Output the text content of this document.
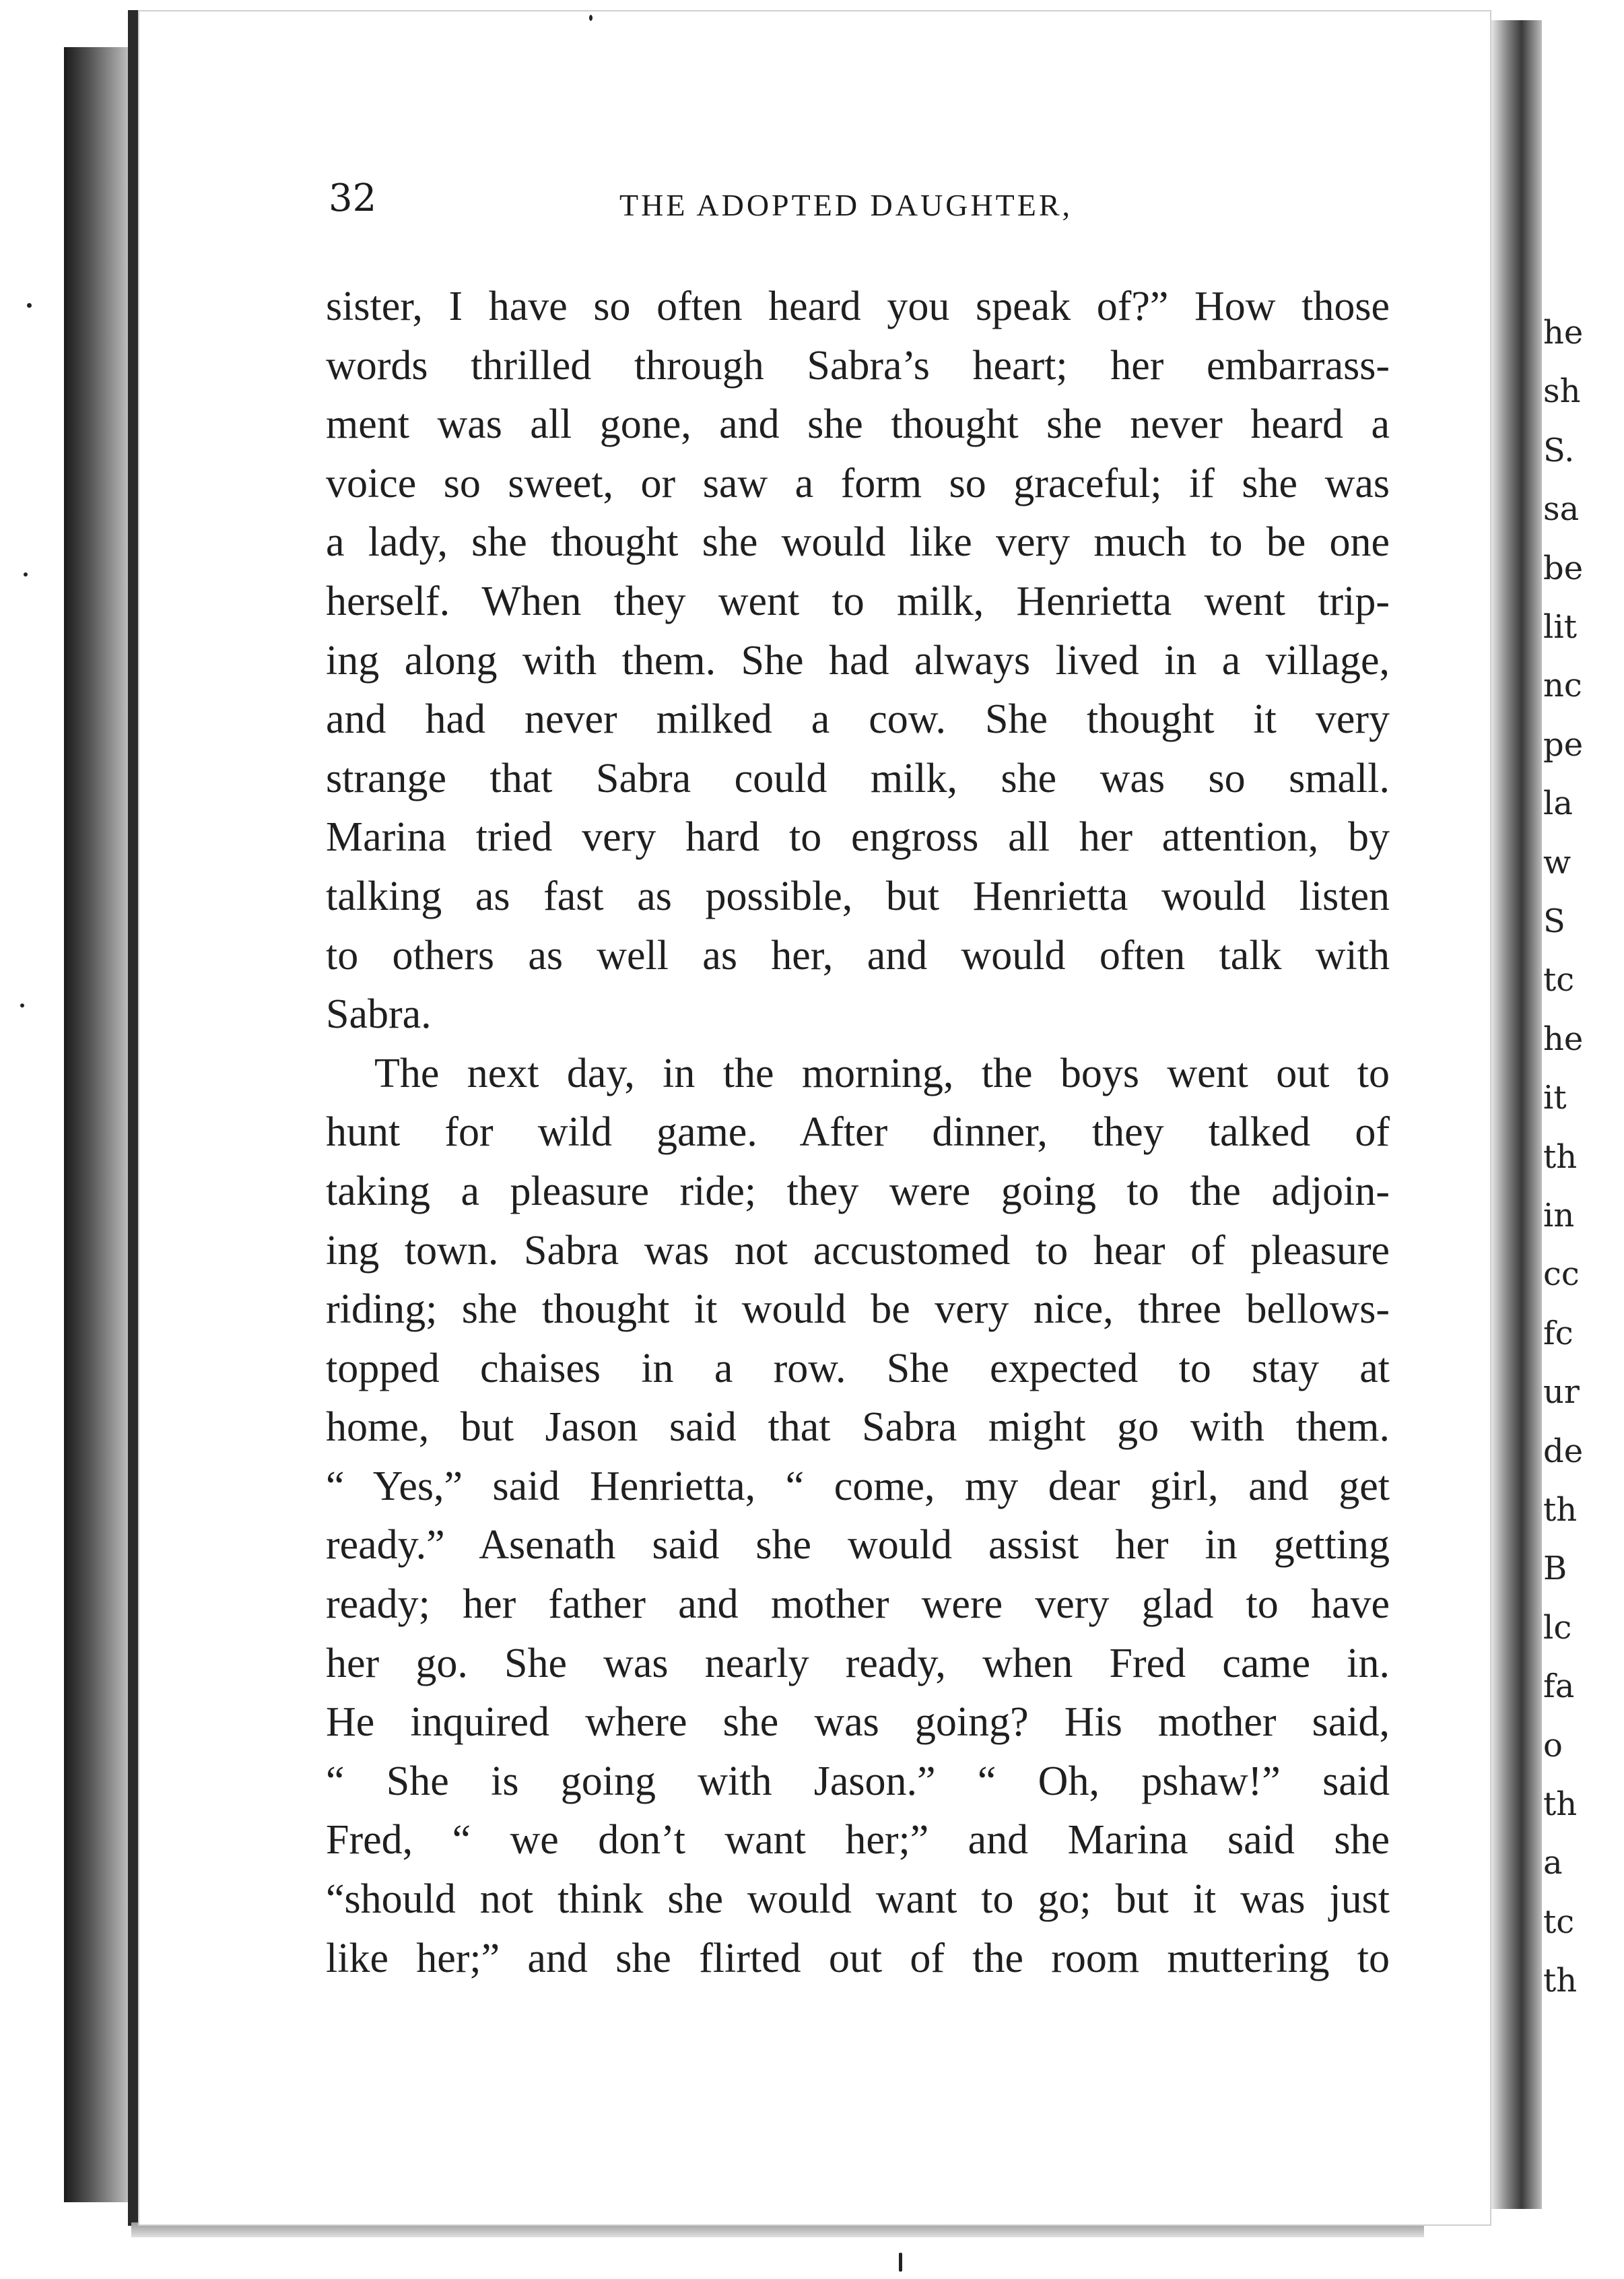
32	THE ADOPTED DAUGHTER,
sister, I have so often heard you speak of?” How those
words thrilled through Sabra’s heart; her embarrass-
ment was all gone, and she thought she never heard a
voice so sweet, or saw a form so graceful; if she was
a lady, she thought she would like very much to be one
herself. When they went to milk, Henrietta went trip-
ing along with them. She had always lived in a village,
and had never milked a cow. She thought it very
strange that Sabra could milk, she was so small.
Marina tried very hard to engross all her attention, by
talking as fast as possible, but Henrietta would listen
to others as well as her, and would often talk with
Sabra.
The next day, in the morning, the boys went out to
hunt for wild game. After dinner, they talked of
taking a pleasure ride; they were going to the adjoin-
ing town. Sabra was not accustomed to hear of pleasure
riding; she thought it would be very nice, three bellows-
topped chaises in a row. She expected to stay at
home, but Jason said that Sabra might go with them.
“ Yes,” said Henrietta, “ come, my dear girl, and get
ready.” Asenath said she would assist her in getting
ready; her father and mother were very glad to have
her go. She was nearly ready, when Fred came in.
He inquired where she was going? His mother said,
“ She is going with Jason.” “ Oh, pshaw!” said
Fred, “ we don’t want her;” and Marina said she
“should not think she would want to go; but it was just
like her;” and she flirted out of the room muttering to
he
sh
S.
sa
be
lit
nc
pe
la
w
S
tc
he
it
th
in
cc
fc
ur
de
th
B
lc
fa
o
th
a
tc
th
